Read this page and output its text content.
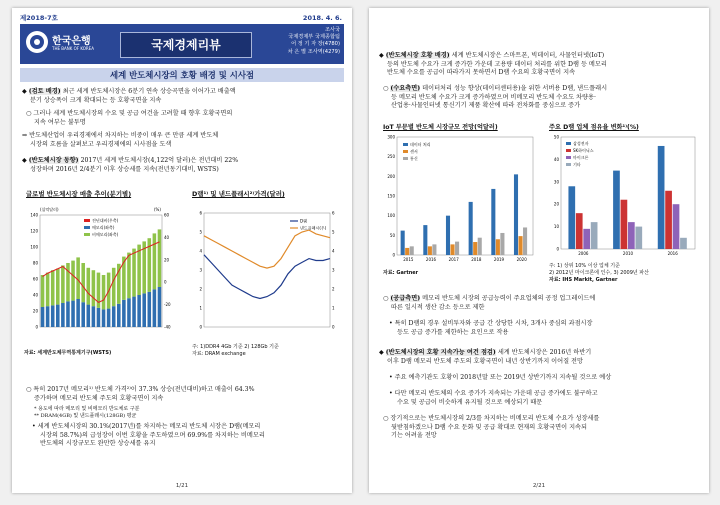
제2018-7호	2018. 4. 6.
한국은행
THE BANK OF KOREA	국제경제리뷰
조사국
국제경제부 국제종합팀
어 정 기 자 장(4780)
차 은 별 조사역(4279)
세계 반도체시장의 호황 배경 및 시사점
◆ (검토 배경) 최근 세계 반도체시장은 6분기 연속 상승곡면을 이어가고 배출액
분기 상승폭이 크게 확대되는 등 호황국면을 지속
○ 그러나 세계 반도체시장의 수요 및 공급 여건을 고려할 때 향후 호황국면의
지속 여부는 불투명
⇒ 반도체산업이 우리경제에서 차지하는 비중이 매우 큰 만큼 세계 반도체
시장의 흐름을 살펴보고 우리경제에의 시사점을 도색
◆ (반도체시장 동향) 2017년 세계 반도체시장(4,122억 달러)은 전년대비 22%
성장하며 2016년 2/4분기 이후 상승세를 지속(전년동기대비, WSTS)
글로벌 반도체시장 매출 추이(분기별)
0
20
40
60
80
100
120
140
-40
-20
0
20
40
60
(십억달러)	(%)
전년대비(우축)
메모리(좌축)
비메모리(좌축)
자료: 세계반도체무역통계기구(WSTS)
D램¹⁾ 및 낸드플래시²⁾가격(달러)
0	0
1	1
2	2
3	3
4	4
5	5
6	6
D램
낸드플래시(우)
주: 1)DDR4 4Gb 기준 2) 128Gb 기준
자료: DRAM exchange
○ 특히 2017년 메모리¹⁾ 반도체 가격²⁾이 37.3% 상승(전년대비)하고 매출이 64.3%
증가하며 메모리 반도체 주도의 호황국면이 지속
* 용도에 따라 메모리 및 비메모리 반도체로 구분
** DRAM(4GB) 및 낸드플래시(128GB) 평균
• 세계 반도체시장의 30.1%(2017년)를 차지하는 메모리 반도체 시장은 D램(메모리
시장의 58.7%)의 급성장이 이번 호황을 주도하였으며 69.9%를 차지하는 비메모리
반도체의 시장규모도 완만한 상승세를 유지
1/21
◆ (반도체시장 호황 배경) 세계 반도체시장은 스마트폰, 빅데이터, 사물인터넷(IoT)
등의 반도체 수요가 크게 증가한 가운데 고용량 데이터 처리를 위한 D램 등 메모리
반도체 수요를 공급이 따라가지 못하면서 D램 수요의 호황국면이 지속
○ (수요측면) 데이터처리 성능 향상(데이터센터용)을 위한 서버용 D램, 낸드플래시
등 메모리 반도체 수요가 크게 증가하였으며 비메모리 반도체 수요도 차량용·
산업용·사물인터넷 통신기기 제품 확산에 따라 전차화를 중심으로 증가
IoT 부문별 반도체 시장규모 전망(억달러)
0
50
100
150
200
250
300
2015	2016	2017	2018	2019	2020
데이터 처리
센서
통신
자료: Gartner
주요 D램 업체 점유율 변화¹⁾(%)
0
10
20
30
40
50
2006	2010	2016
삼성전자
SK하이닉스
마이크론
기타
주: 1) 상위 10% 이상 업체 기준
2) 2012년 마이크론에 인수, 3) 2009년 파산
자료: IHS Markit, Gartner
○ (공급측면) 메모리 반도체 시장의 공급능력이 주요업체의 공정 업그레이드에
따른 일시적 생산 감소 등으로 제한
• 특히 D램의 경우 설비투자와 공급 간 상당한 시차, 3개사 중심의 과점시장
등도 공급 증가를 제한하는 요인으로 작용
◆ (반도체시장의 호황 지속가능 여건 점검) 세계 반도체시장은 2016년 하반기
이후 D램 메모리 반도체 주도의 호황국면이 내년 상반기까지 이어질 전망
• 주요 예측기관도 호황이 2018년말 또는 2019년 상반기까지 지속될 것으로 예상
• 다만 메모리 반도체의 수요 증가가 지속되는 가운데 공급 증가에도 불구하고
수요 및 공급이 비슷하게 유지될 것으로 예상되기 때문
○ 장기적으로는 반도체시장의 2/3를 차지하는 비메모리 반도체 수요가 성장세를
뒷받침하겠으나 D램 수요 둔화 및 공급 확대로 현재의 호황국면이 지속되
기는 어려울 전망
2/21
